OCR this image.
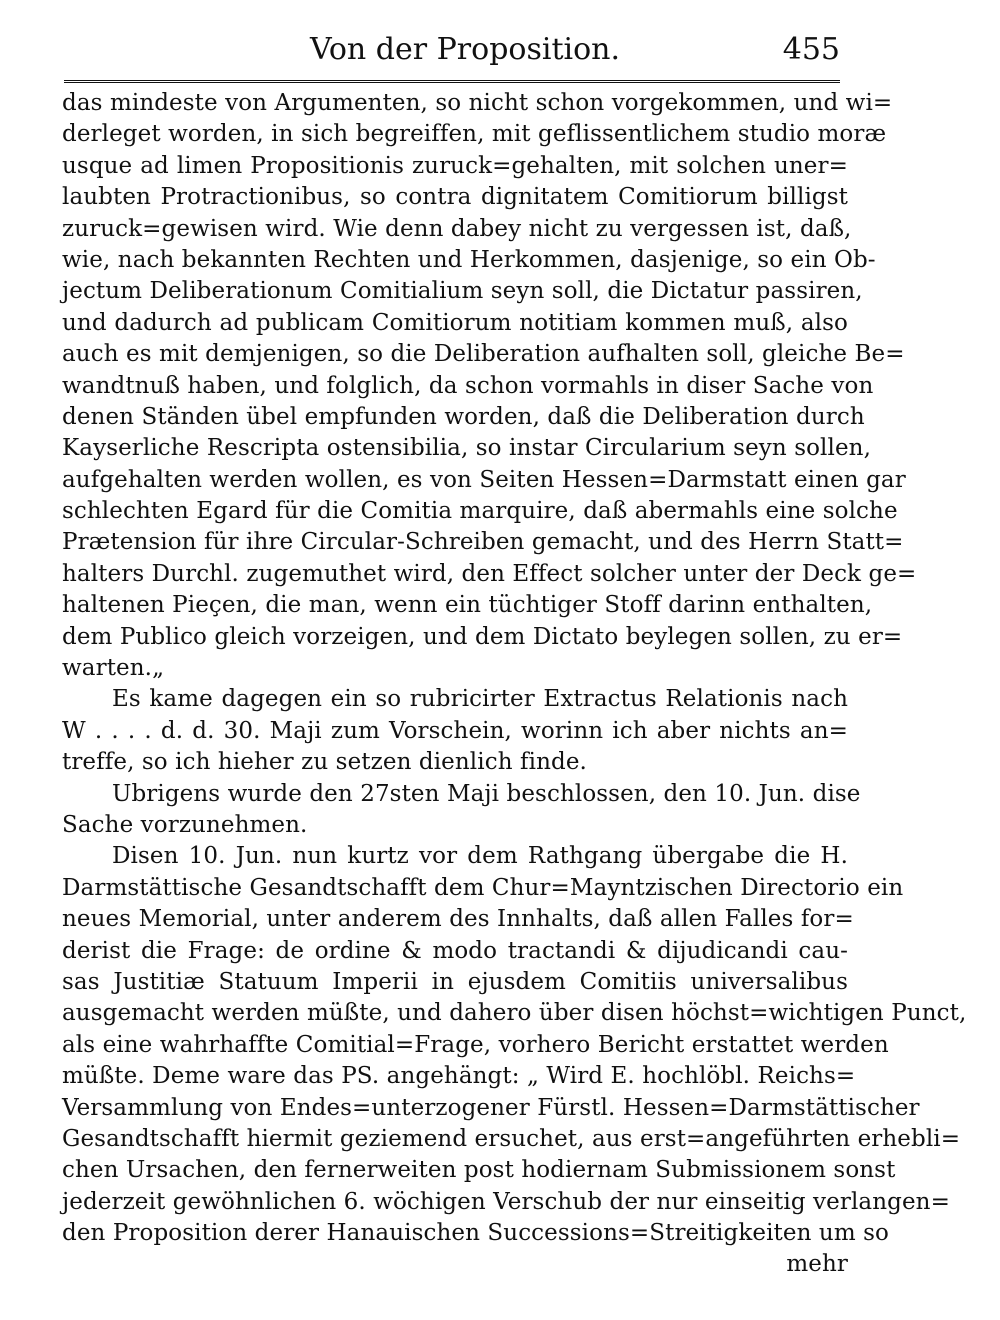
Von der Proposition.	455
das mindeste von Argumenten, so nicht schon vorgekommen, und wi=
derleget worden, in sich begreiffen, mit geflissentlichem studio moræ
usque ad limen Propositionis zuruck=gehalten, mit solchen uner=
laubten Protractionibus, so contra dignitatem Comitiorum billigst
zuruck=gewisen wird. Wie denn dabey nicht zu vergessen ist, daß,
wie, nach bekannten Rechten und Herkommen, dasjenige, so ein Ob-
jectum Deliberationum Comitialium seyn soll, die Dictatur passiren,
und dadurch ad publicam Comitiorum notitiam kommen muß, also
auch es mit demjenigen, so die Deliberation aufhalten soll, gleiche Be=
wandtnuß haben, und folglich, da schon vormahls in diser Sache von
denen Ständen übel empfunden worden, daß die Deliberation durch
Kayserliche Rescripta ostensibilia, so instar Circularium seyn sollen,
aufgehalten werden wollen, es von Seiten Hessen=Darmstatt einen gar
schlechten Egard für die Comitia marquire, daß abermahls eine solche
Prætension für ihre Circular-Schreiben gemacht, und des Herrn Statt=
halters Durchl. zugemuthet wird, den Effect solcher unter der Deck ge=
haltenen Pieçen, die man, wenn ein tüchtiger Stoff darinn enthalten,
dem Publico gleich vorzeigen, und dem Dictato beylegen sollen, zu er=
warten.„
Es kame dagegen ein so rubricirter Extractus Relationis nach
W . . . . d. d. 30. Maji zum Vorschein, worinn ich aber nichts an=
treffe, so ich hieher zu setzen dienlich finde.
Ubrigens wurde den 27sten Maji beschlossen, den 10. Jun. dise
Sache vorzunehmen.
Disen 10. Jun. nun kurtz vor dem Rathgang übergabe die H.
Darmstättische Gesandtschafft dem Chur=Mayntzischen Directorio ein
neues Memorial, unter anderem des Innhalts, daß allen Falles for=
derist die Frage: de ordine & modo tractandi & dijudicandi cau-
sas Justitiæ Statuum Imperii in ejusdem Comitiis universalibus
ausgemacht werden müßte, und dahero über disen höchst=wichtigen Punct,
als eine wahrhaffte Comitial=Frage, vorhero Bericht erstattet werden
müßte. Deme ware das PS. angehängt: „ Wird E. hochlöbl. Reichs=
Versammlung von Endes=unterzogener Fürstl. Hessen=Darmstättischer
Gesandtschafft hiermit geziemend ersuchet, aus erst=angeführten erhebli=
chen Ursachen, den fernerweiten post hodiernam Submissionem sonst
jederzeit gewöhnlichen 6. wöchigen Verschub der nur einseitig verlangen=
den Proposition derer Hanauischen Successions=Streitigkeiten um so
mehr
